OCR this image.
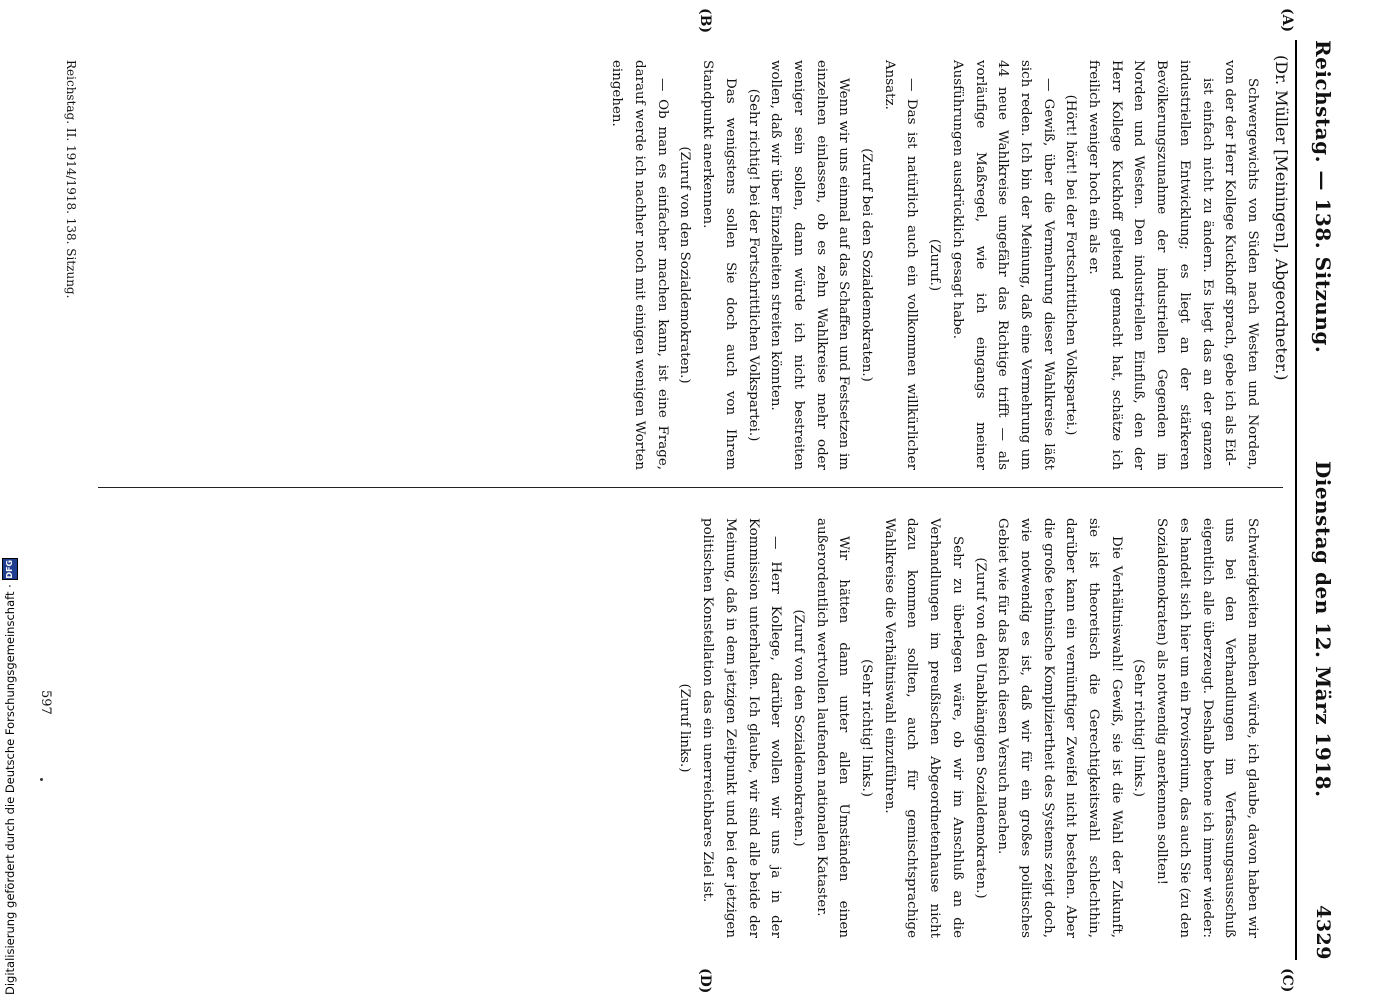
Reichstag. — 138. Sitzung.
Dienstag den 12. März 1918.
4329
(Dr. Müller [Meiningen], Abgeordneter.)
(A)
(B)
(C)
(D)

Schwergewichts von Süden nach Westen und Norden, von der der Herr Kollege Kuckhoff sprach, gebe ich als Eid-

ist einfach nicht zu ändern. Es liegt das an der ganzen industriellen Entwicklung; es liegt an der stärkeren Bevölkerungszunahme der industriellen Gegenden im Norden und Westen. Den industriellen Einfluß, den der Herr Kollege Kuckhoff geltend gemacht hat, schätze ich freilich weniger hoch ein als er.

(Hört! hört! bei der Fortschrittlichen Volkspartei.)

— Gewiß, über die Vermehrung dieser Wahlkreise läßt sich reden. Ich bin der Meinung, daß eine Vermehrung um 44 neue Wahlkreise ungefähr das Richtige trifft — als vorläufige Maßregel, wie ich eingangs meiner Ausführungen ausdrücklich gesagt habe.

(Zuruf.)

— Das ist natürlich auch ein vollkommen willkürlicher Ansatz.

(Zuruf bei den Sozialdemokraten.)

Wenn wir uns einmal auf das Schaffen und Festsetzen im einzelnen einlassen, ob es zehn Wahlkreise mehr oder weniger sein sollen, dann würde ich nicht bestreiten wollen, daß wir über Einzelheiten streiten könnten.

(Sehr richtig! bei der Fortschrittlichen Volkspartei.)

Das wenigstens sollen Sie doch auch von Ihrem Standpunkt anerkennen.

(Zuruf von den Sozialdemokraten.)

— Ob man es einfacher machen kann, ist eine Frage, darauf werde ich nachher noch mit einigen wenigen Worten eingehen.

Schwierigkeiten machen würde, ich glaube, davon haben wir uns bei den Verhandlungen im Verfassungsausschuß eigentlich alle überzeugt. Deshalb betone ich immer wieder: es handelt sich hier um ein Provisorium, das auch Sie (zu den Sozialdemokraten) als notwendig anerkennen sollten!

(Sehr richtig! links.)

Die Verhältniswahl! Gewiß, sie ist die Wahl der Zukunft, sie ist theoretisch die Gerechtigkeitswahl schlechthin, darüber kann ein vernünftiger Zweifel nicht bestehen. Aber die große technische Kompliziertheit des Systems zeigt doch, wie notwendig es ist, daß wir für ein großes politisches Gebiet wie für das Reich diesen Versuch machen.

(Zuruf von den Unabhängigen Sozialdemokraten.)

Sehr zu überlegen wäre, ob wir im Anschluß an die Verhandlungen im preußischen Abgeordnetenhause nicht dazu kommen sollten, auch für gemischtsprachige Wahlkreise die Verhältniswahl einzuführen.

(Sehr richtig! links.)

Wir hätten dann unter allen Umständen einen außerordentlich wertvollen laufenden nationalen Kataster.

(Zuruf von den Sozialdemokraten.)

— Herr Kollege, darüber wollen wir uns ja in der Kommission unterhalten. Ich glaube, wir sind alle beide der Meinung, daß in dem jetzigen Zeitpunkt und bei der jetzigen politischen Konstellation das ein unerreichbares Ziel ist.

(Zuruf links.)

Reichstag. II. 1914/1918. 138. Sitzung.
597
Digitalisierung gefördert durch die Deutsche Forschungsgemeinschaft ·
DFG
